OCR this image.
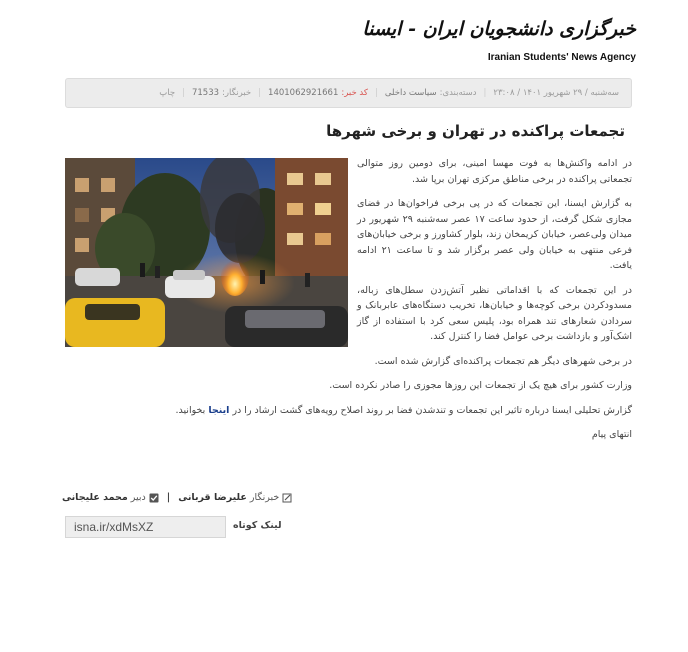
خبرگزاری دانشجویان ایران - ایسنا
Iranian Students' News Agency
سه‌شنبه / ۲۹ شهریور ۱۴۰۱ / ۲۳:۰۸
|
دسته‌بندی:
سیاست داخلی
|
کد خبر:
1401062921661
|
خبرنگار:
71533
|
چاپ
تجمعات پراکنده در تهران و برخی شهرها

در ادامه واکنش‌ها به فوت مهسا امینی، برای دومین روز متوالی تجمعاتی پراکنده در برخی مناطق مرکزی تهران برپا شد.

به گزارش ایسنا، این تجمعات که در پی برخی فراخوان‌ها در فضای مجازی شکل گرفت، از حدود ساعت ۱۷ عصر سه‌شنبه ۲۹ شهریور در میدان ولی‌عصر، خیابان کریمخان زند، بلوار کشاورز و برخی خیابان‌های فرعی منتهی به خیابان ولی عصر برگزار شد و تا ساعت ۲۱ ادامه یافت.

در این تجمعات که با اقداماتی نظیر آتش‌زدن سطل‌های زباله، مسدودکردن برخی کوچه‌ها و خیابان‌ها، تخریب دستگاه‌های عابربانک و سردادن شعارهای تند همراه بود، پلیس سعی کرد با استفاده از گاز اشک‌آور و بازداشت برخی عوامل فضا را کنترل کند.

در برخی شهرهای دیگر هم تجمعات پراکنده‌ای گزارش شده است.

وزارت کشور برای هیچ یک از تجمعات این روزها مجوزی را صادر نکرده است.

گزارش تحلیلی ایسنا درباره تاثیر این تجمعات و تندشدن فضا بر روند اصلاح رویه‌های گشت ارشاد را در اینجا بخوانید.

انتهای پیام

خبرنگار
علیرضا قربانی
|
دبیر
محمد علیجانی
لینک کوتاه
isna.ir/xdMsXZ
